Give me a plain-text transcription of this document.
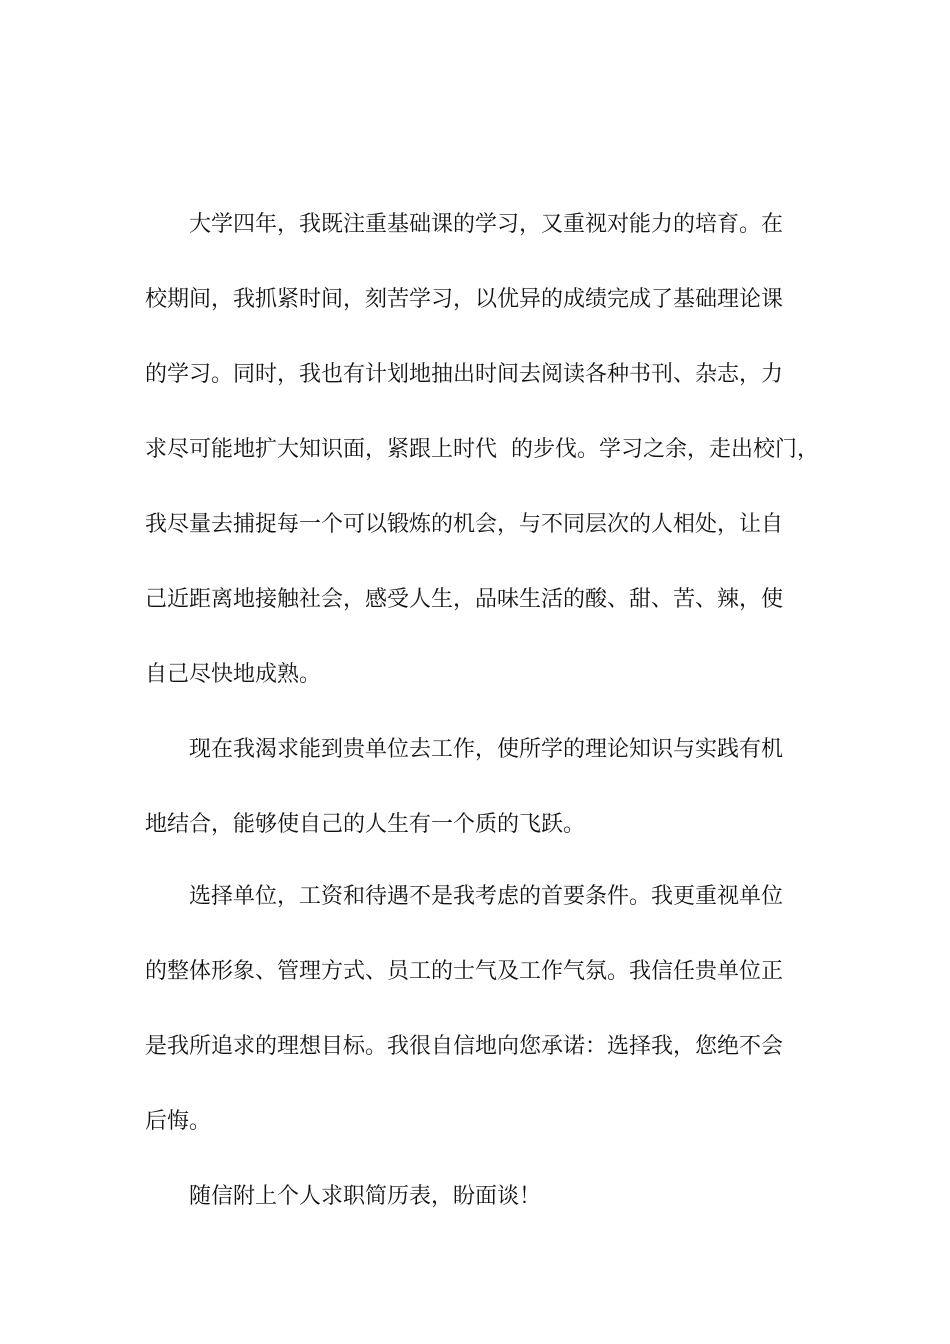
大学四年，我既注重基础课的学习，又重视对能力的培育。在

校期间，我抓紧时间，刻苦学习，以优异的成绩完成了基础理论课

的学习。同时，我也有计划地抽出时间去阅读各种书刊、杂志，力

求尽可能地扩大知识面，紧跟上时代  的步伐。学习之余，走出校门，

我尽量去捕捉每一个可以锻炼的机会，与不同层次的人相处，让自

己近距离地接触社会，感受人生，品味生活的酸、甜、苦、辣，使

自己尽快地成熟。

现在我渴求能到贵单位去工作，使所学的理论知识与实践有机

地结合，能够使自己的人生有一个质的飞跃。

选择单位，工资和待遇不是我考虑的首要条件。我更重视单位

的整体形象、管理方式、员工的士气及工作气氛。我信任贵单位正

是我所追求的理想目标。我很自信地向您承诺：选择我，您绝不会

后悔。

随信附上个人求职简历表，盼面谈！
